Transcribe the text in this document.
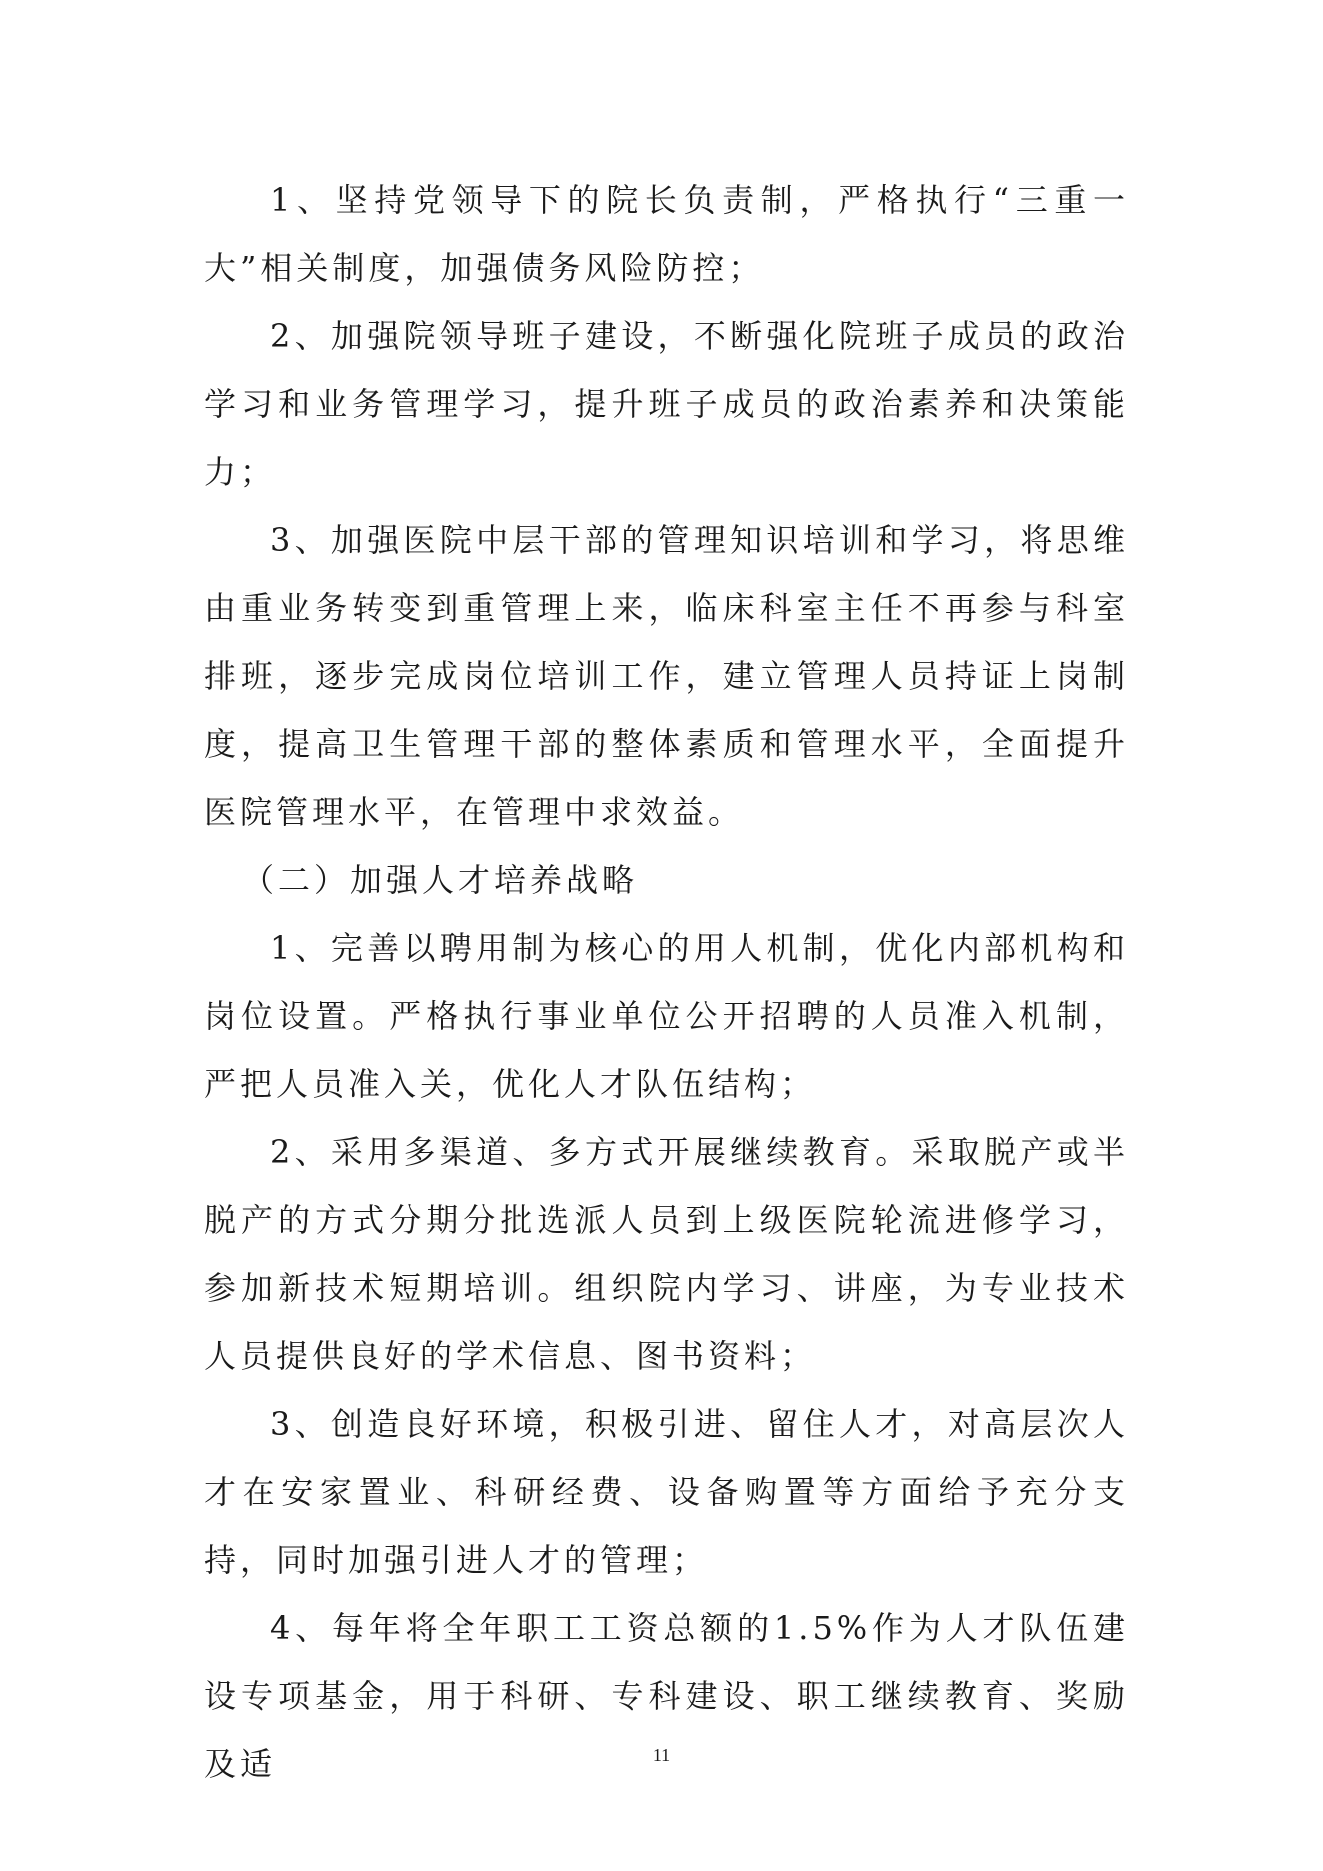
1、坚持党领导下的院长负责制，严格执行“三重一大”相关制度，加强债务风险防控；

2、加强院领导班子建设，不断强化院班子成员的政治学习和业务管理学习，提升班子成员的政治素养和决策能力；

3、加强医院中层干部的管理知识培训和学习，将思维由重业务转变到重管理上来，临床科室主任不再参与科室排班，逐步完成岗位培训工作，建立管理人员持证上岗制度，提高卫生管理干部的整体素质和管理水平，全面提升医院管理水平，在管理中求效益。

（二）加强人才培养战略

1、完善以聘用制为核心的用人机制，优化内部机构和岗位设置。严格执行事业单位公开招聘的人员准入机制，严把人员准入关，优化人才队伍结构；

2、采用多渠道、多方式开展继续教育。采取脱产或半脱产的方式分期分批选派人员到上级医院轮流进修学习，参加新技术短期培训。组织院内学习、讲座，为专业技术人员提供良好的学术信息、图书资料；

3、创造良好环境，积极引进、留住人才，对高层次人才在安家置业、科研经费、设备购置等方面给予充分支持，同时加强引进人才的管理；

4、每年将全年职工工资总额的1.5%作为人才队伍建设专项基金，用于科研、专科建设、职工继续教育、奖励及适	11
